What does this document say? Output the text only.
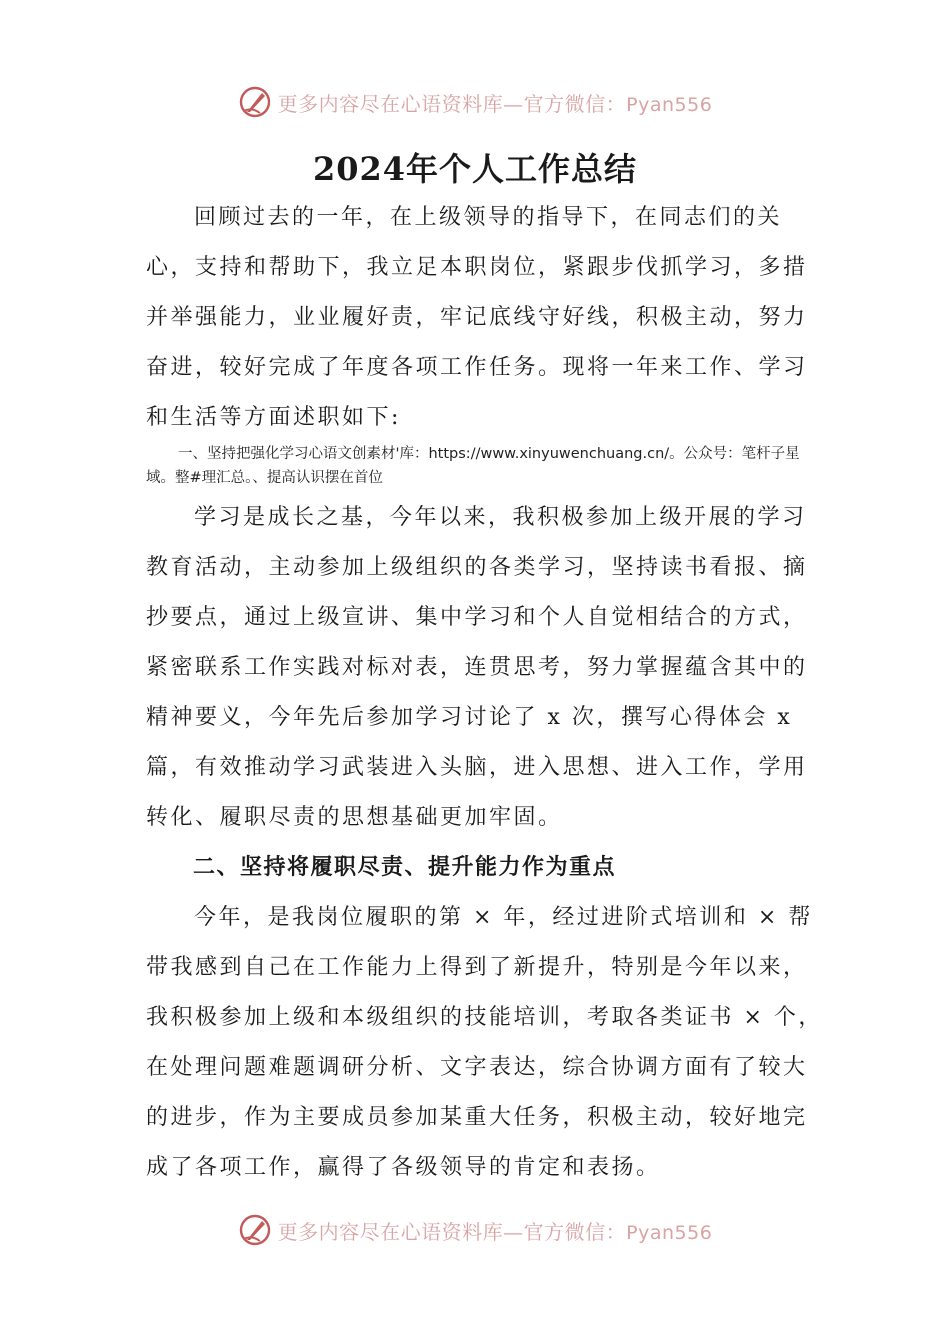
更多内容尽在心语资料库—官方微信：Pyan556
2024年个人工作总结

回顾过去的一年，在上级领导的指导下，在同志们的关心，支持和帮助下，我立足本职岗位，紧跟步伐抓学习，多措并举强能力，业业履好责，牢记底线守好线，积极主动，努力奋进，较好完成了年度各项工作任务。现将一年来工作、学习和生活等方面述职如下:

一、坚持把强化学习心语文创素材'库：https://www.xinyuwenchuang.cn/。公众号：笔杆子星域。整#理汇总。、提高认识摆在首位

学习是成长之基，今年以来，我积极参加上级开展的学习教育活动，主动参加上级组织的各类学习，坚持读书看报、摘抄要点，通过上级宣讲、集中学习和个人自觉相结合的方式，紧密联系工作实践对标对表，连贯思考，努力掌握蕴含其中的精神要义，今年先后参加学习讨论了 x 次，撰写心得体会 x 篇，有效推动学习武装进入头脑，进入思想、进入工作，学用转化、履职尽责的思想基础更加牢固。

二、坚持将履职尽责、提升能力作为重点

今年，是我岗位履职的第 × 年，经过进阶式培训和 × 帮带我感到自己在工作能力上得到了新提升，特别是今年以来，我积极参加上级和本级组织的技能培训，考取各类证书 × 个，在处理问题难题调研分析、文字表达，综合协调方面有了较大的进步，作为主要成员参加某重大任务，积极主动，较好地完成了各项工作，赢得了各级领导的肯定和表扬。

更多内容尽在心语资料库—官方微信：Pyan556
